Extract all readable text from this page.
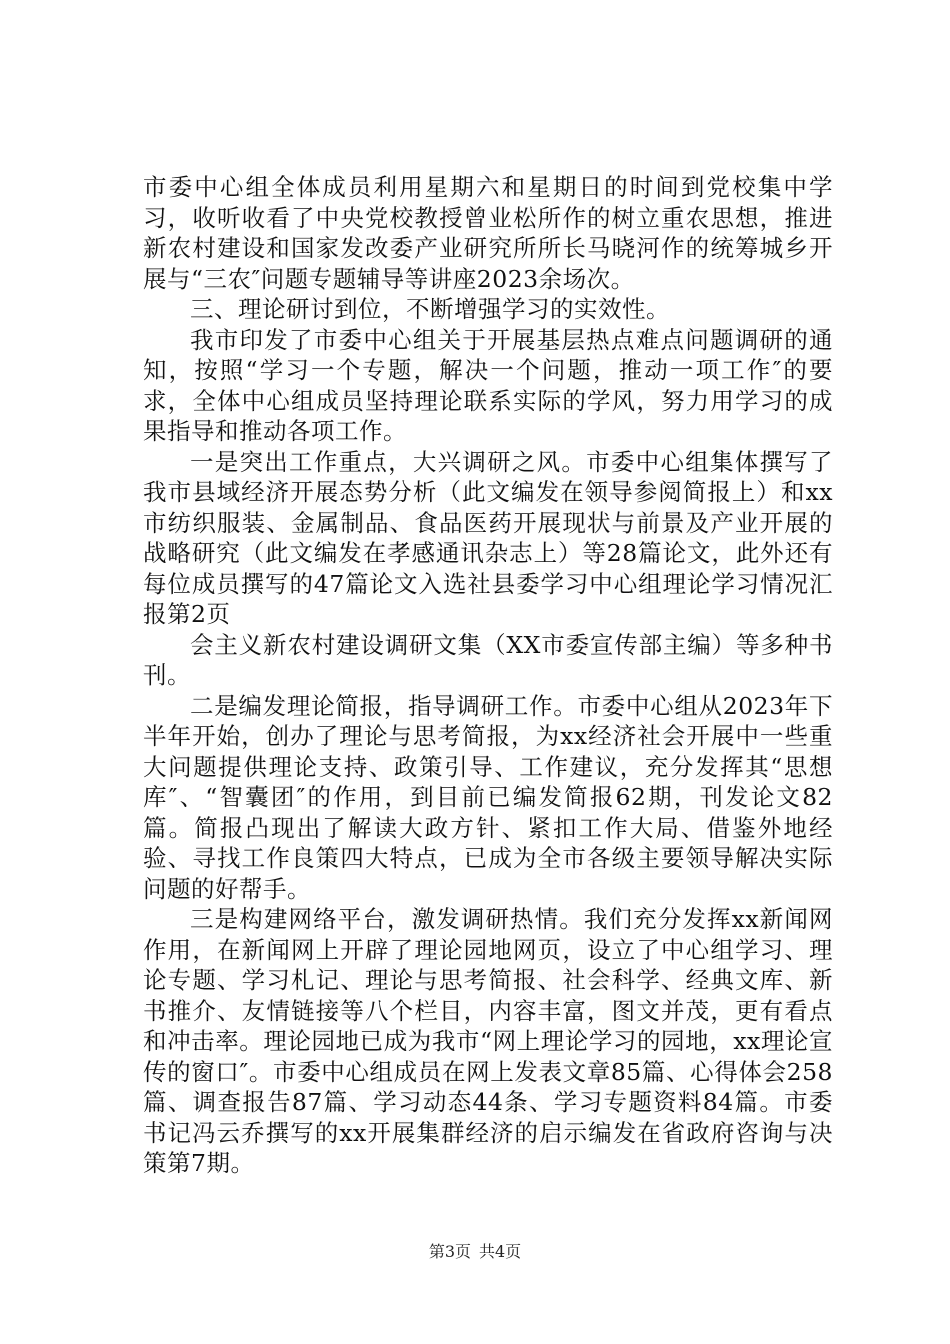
市委中心组全体成员利用星期六和星期日的时间到党校集中学习，收听收看了中央党校教授曾业松所作的树立重农思想，推进新农村建设和国家发改委产业研究所所长马晓河作的统筹城乡开展与“三农″问题专题辅导等讲座2023余场次。

三、理论研讨到位，不断增强学习的实效性。

我市印发了市委中心组关于开展基层热点难点问题调研的通知，按照“学习一个专题，解决一个问题，推动一项工作″的要求，全体中心组成员坚持理论联系实际的学风，努力用学习的成果指导和推动各项工作。

一是突出工作重点，大兴调研之风。市委中心组集体撰写了我市县域经济开展态势分析（此文编发在领导参阅简报上）和xx市纺织服装、金属制品、食品医药开展现状与前景及产业开展的战略研究（此文编发在孝感通讯杂志上）等28篇论文，此外还有每位成员撰写的47篇论文入选社县委学习中心组理论学习情况汇报第2页

会主义新农村建设调研文集（XX市委宣传部主编）等多种书刊。

二是编发理论简报，指导调研工作。市委中心组从2023年下半年开始，创办了理论与思考简报，为xx经济社会开展中一些重大问题提供理论支持、政策引导、工作建议，充分发挥其“思想库″、“智囊团″的作用，到目前已编发简报62期，刊发论文82篇。简报凸现出了解读大政方针、紧扣工作大局、借鉴外地经验、寻找工作良策四大特点，已成为全市各级主要领导解决实际问题的好帮手。

三是构建网络平台，激发调研热情。我们充分发挥xx新闻网作用，在新闻网上开辟了理论园地网页，设立了中心组学习、理论专题、学习札记、理论与思考简报、社会科学、经典文库、新书推介、友情链接等八个栏目，内容丰富，图文并茂，更有看点和冲击率。理论园地已成为我市“网上理论学习的园地，xx理论宣传的窗口″。市委中心组成员在网上发表文章85篇、心得体会258篇、调查报告87篇、学习动态44条、学习专题资料84篇。市委书记冯云乔撰写的xx开展集群经济的启示编发在省政府咨询与决策第7期。

第3页 共4页
